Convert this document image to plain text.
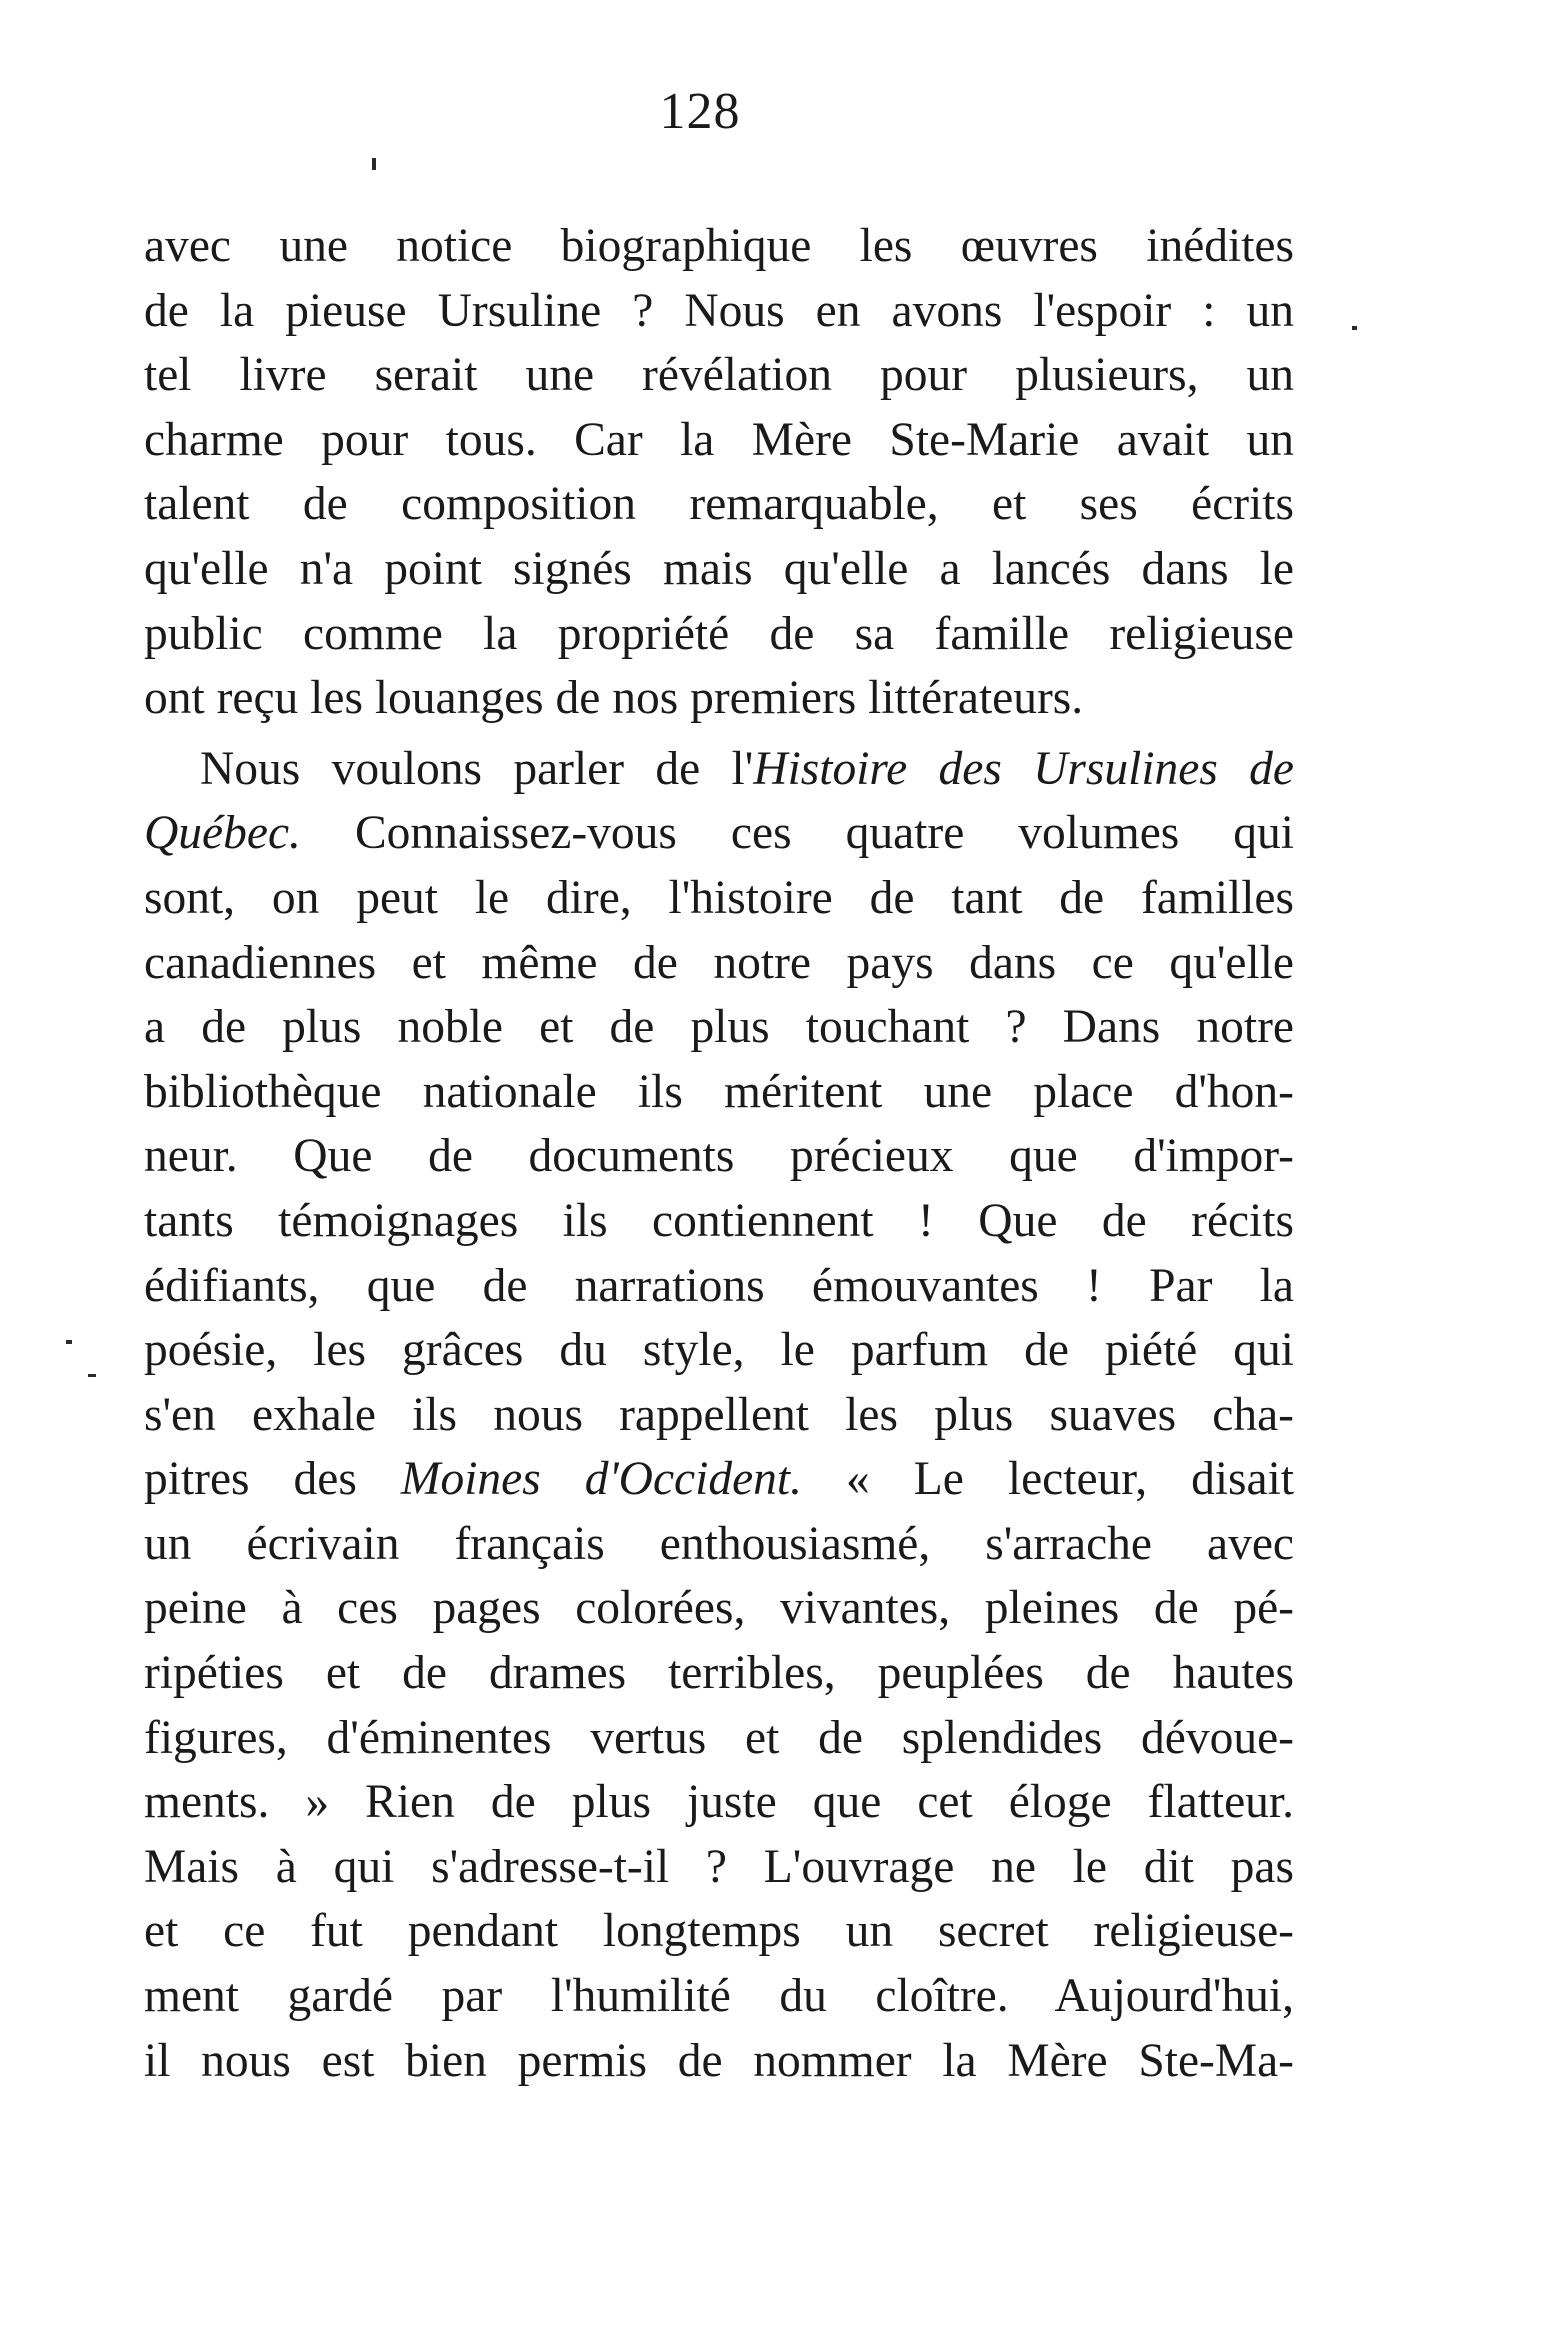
128
avec une notice biographique les œuvres inédites
de la pieuse Ursuline ? Nous en avons l'espoir : un
tel livre serait une révélation pour plusieurs, un
charme pour tous. Car la Mère Ste-Marie avait un
talent de composition remarquable, et ses écrits
qu'elle n'a point signés mais qu'elle a lancés dans le
public comme la propriété de sa famille religieuse
ont reçu les louanges de nos premiers littérateurs.
Nous voulons parler de l'Histoire des Ursulines de
Québec. Connaissez-vous ces quatre volumes qui
sont, on peut le dire, l'histoire de tant de familles
canadiennes et même de notre pays dans ce qu'elle
a de plus noble et de plus touchant ? Dans notre
bibliothèque nationale ils méritent une place d'hon-
neur. Que de documents précieux que d'impor-
tants témoignages ils contiennent ! Que de récits
édifiants, que de narrations émouvantes ! Par la
poésie, les grâces du style, le parfum de piété qui
s'en exhale ils nous rappellent les plus suaves cha-
pitres des Moines d'Occident. « Le lecteur, disait
un écrivain français enthousiasmé, s'arrache avec
peine à ces pages colorées, vivantes, pleines de pé-
ripéties et de drames terribles, peuplées de hautes
figures, d'éminentes vertus et de splendides dévoue-
ments. » Rien de plus juste que cet éloge flatteur.
Mais à qui s'adresse-t-il ? L'ouvrage ne le dit pas
et ce fut pendant longtemps un secret religieuse-
ment gardé par l'humilité du cloître. Aujourd'hui,
il nous est bien permis de nommer la Mère Ste-Ma-
